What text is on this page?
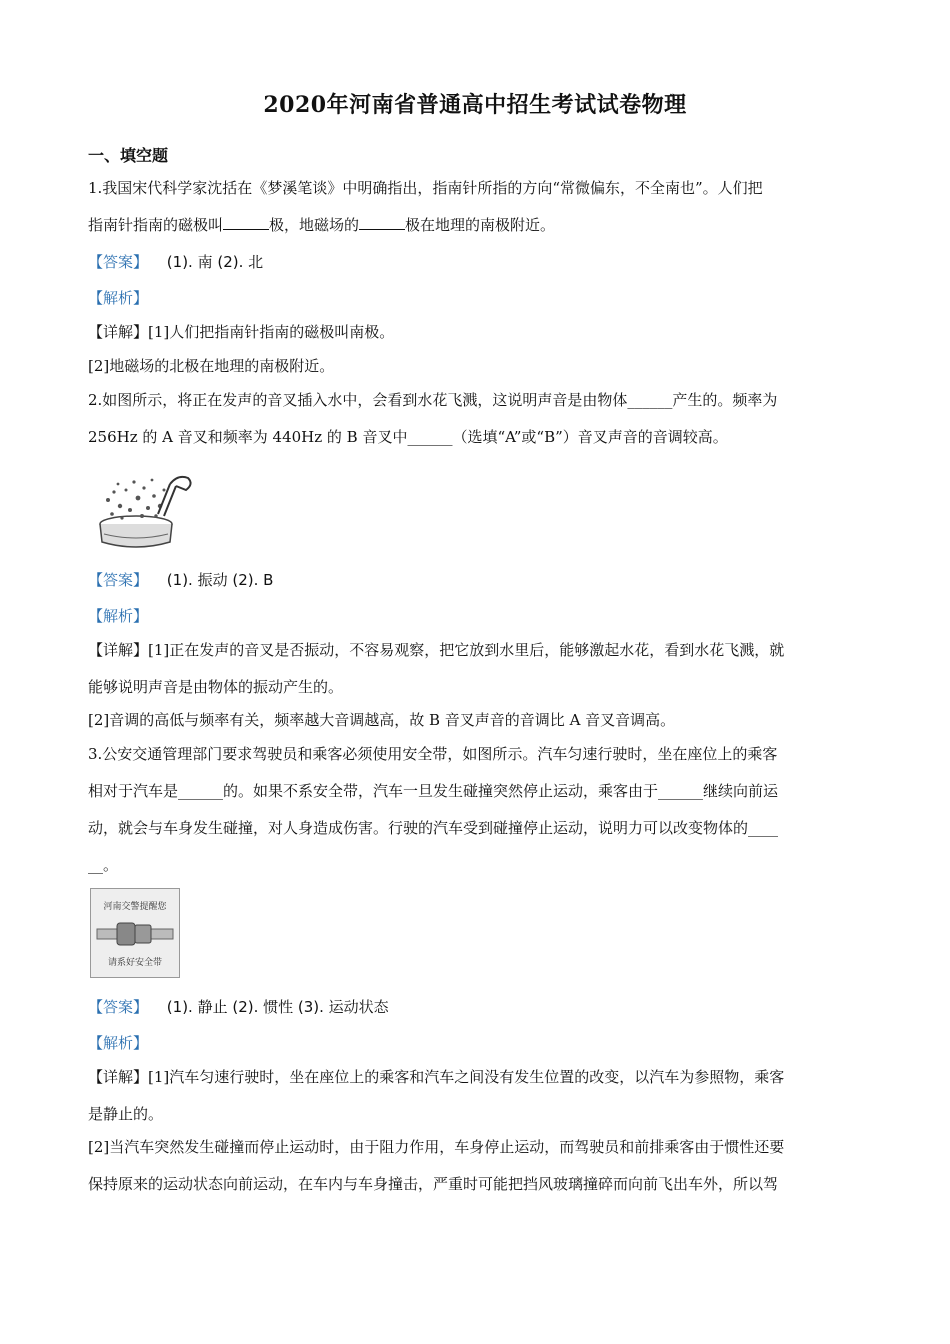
2020年河南省普通高中招生考试试卷物理
一、填空题
1.我国宋代科学家沈括在《梦溪笔谈》中明确指出，指南针所指的方向“常微偏东，不全南也”。人们把
指南针指南的磁极叫	极，地磁场的	极在地理的南极附近。
【答案】 (1). 南 (2). 北
【解析】
【详解】[1]人们把指南针指南的磁极叫南极。
[2]地磁场的北极在地理的南极附近。
2.如图所示，将正在发声的音叉插入水中，会看到水花飞溅，这说明声音是由物体______产生的。频率为
256Hz 的 A 音叉和频率为 440Hz 的 B 音叉中______（选填“A”或“B”）音叉声音的音调较高。
【答案】 (1). 振动 (2). B
【解析】
【详解】[1]正在发声的音叉是否振动，不容易观察，把它放到水里后，能够激起水花，看到水花飞溅，就
能够说明声音是由物体的振动产生的。
[2]音调的高低与频率有关，频率越大音调越高，故 B 音叉声音的音调比 A 音叉音调高。
3.公安交通管理部门要求驾驶员和乘客必须使用安全带，如图所示。汽车匀速行驶时，坐在座位上的乘客
相对于汽车是______的。如果不系安全带，汽车一旦发生碰撞突然停止运动，乘客由于______继续向前运
动，就会与车身发生碰撞，对人身造成伤害。行驶的汽车受到碰撞停止运动，说明力可以改变物体的____
__。
河南交警提醒您
请系好安全带
【答案】 (1). 静止 (2). 惯性 (3). 运动状态
【解析】
【详解】[1]汽车匀速行驶时，坐在座位上的乘客和汽车之间没有发生位置的改变，以汽车为参照物，乘客
是静止的。
[2]当汽车突然发生碰撞而停止运动时，由于阻力作用，车身停止运动，而驾驶员和前排乘客由于惯性还要
保持原来的运动状态向前运动，在车内与车身撞击，严重时可能把挡风玻璃撞碎而向前飞出车外，所以驾
